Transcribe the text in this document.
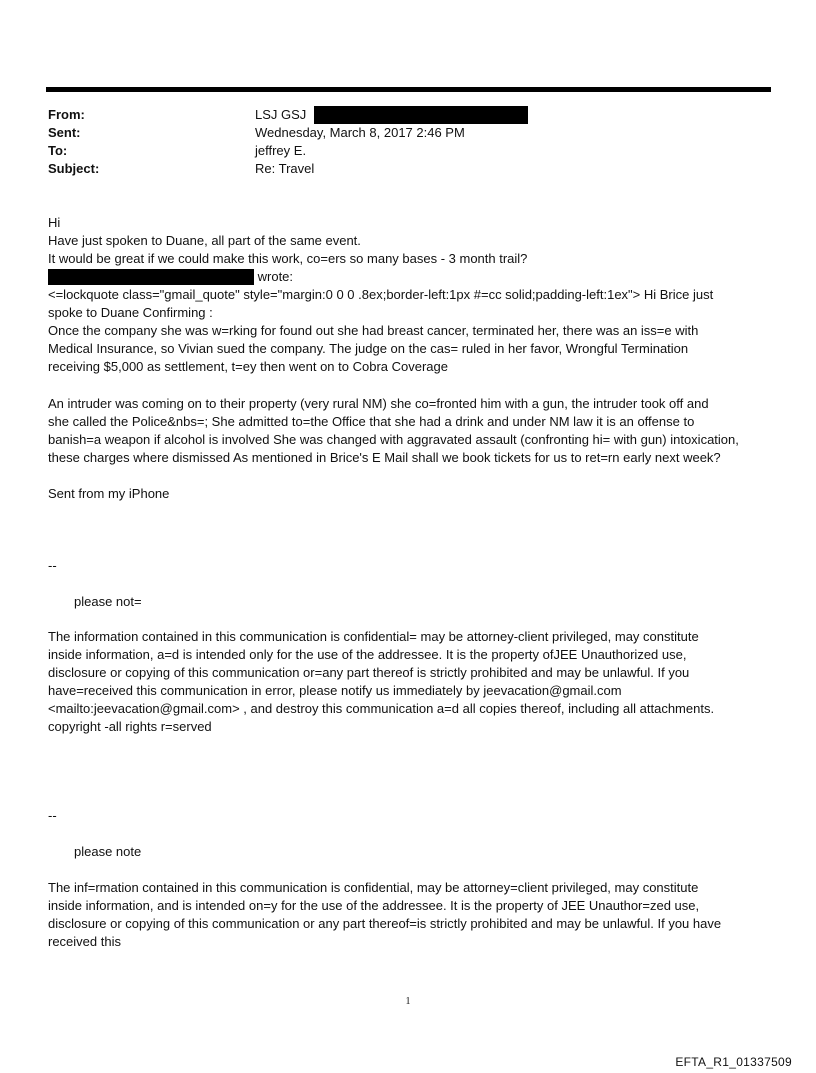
From:	LSJ GSJ
Sent:	Wednesday, March 8, 2017 2:46 PM
To:	jeffrey E.
Subject:	Re: Travel

Hi

Have just spoken to Duane, all part of the same event.

It would be great if we could make this work, co=ers so many bases - 3 month trail?

wrote:

<=lockquote class="gmail_quote" style="margin:0 0 0 .8ex;border-left:1px #=cc solid;padding-left:1ex"> Hi Brice just

spoke to Duane Confirming :

Once the company she was w=rking for found out she had breast cancer, terminated her, there was an iss=e with

Medical Insurance, so Vivian sued the company. The judge on the cas= ruled in her favor, Wrongful Termination

receiving $5,000 as settlement, t=ey then went on to Cobra Coverage

An intruder was coming on to their property (very rural NM) she co=fronted him with a gun, the intruder took off and

she called the Police&nbs=; She admitted to=the Office that she had a drink and under NM law it is an offense to

banish=a weapon if alcohol is involved She was changed with aggravated assault (confronting hi= with gun) intoxication,

these charges where dismissed As mentioned in Brice's E Mail shall we book tickets for us to ret=rn early next week?

Sent from my iPhone

--

please not=

The information contained in this communication is confidential= may be attorney-client privileged, may constitute

inside information, a=d is intended only for the use of the addressee. It is the property ofJEE Unauthorized use,

disclosure or copying of this communication or=any part thereof is strictly prohibited and may be unlawful. If you

have=received this communication in error, please notify us immediately by jeevacation@gmail.com

<mailto:jeevacation@gmail.com> , and destroy this communication a=d all copies thereof, including all attachments.

copyright -all rights r=served

--

please note

The inf=rmation contained in this communication is confidential, may be attorney=client privileged, may constitute

inside information, and is intended on=y for the use of the addressee. It is the property of JEE Unauthor=zed use,

disclosure or copying of this communication or any part thereof=is strictly prohibited and may be unlawful. If you have

received this

1
EFTA_R1_01337509
